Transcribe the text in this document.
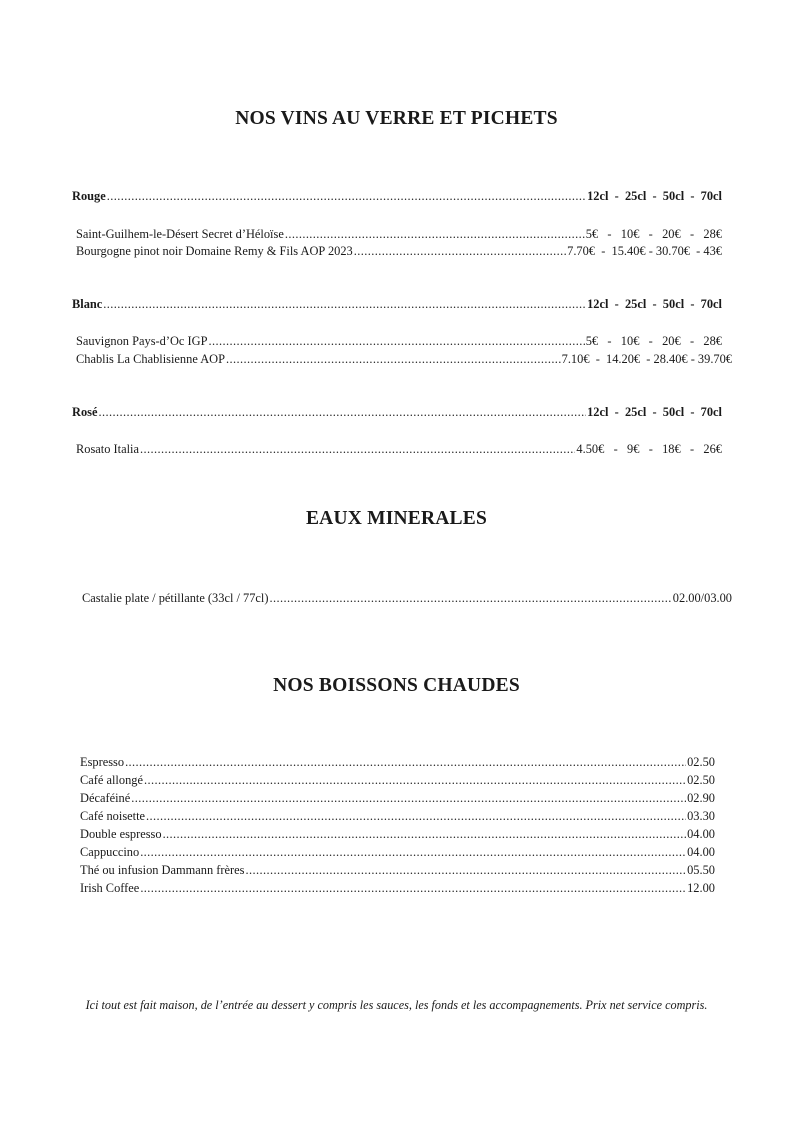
NOS VINS AU VERRE ET PICHETS
Rouge .....	12cl  -  25cl  -  50cl  -  70cl
Saint-Guilhem-le-Désert Secret d’Héloïse .....	5€   -   10€   -   20€   -   28€
Bourgogne pinot noir Domaine Remy & Fils AOP 2023 .....	7.70€  -  15.40€ - 30.70€  - 43€
Blanc .....	12cl  -  25cl  -  50cl  -  70cl
Sauvignon Pays-d’Oc IGP .....	5€   -   10€   -   20€   -   28€
Chablis La Chablisienne AOP .....	7.10€  -  14.20€  - 28.40€ - 39.70€
Rosé .....	12cl  -  25cl  -  50cl  -  70cl
Rosato Italia .....	4.50€   -   9€   -   18€   -   26€
EAUX MINERALES
Castalie plate / pétillante (33cl / 77cl) .....	02.00/03.00
NOS BOISSONS CHAUDES
Espresso .....	02.50
Café allongé .....	02.50
Décaféiné .....	02.90
Café noisette .....	03.30
Double espresso .....	04.00
Cappuccino .....	04.00
Thé ou infusion Dammann frères .....	05.50
Irish Coffee .....	12.00
Ici tout est fait maison, de l’entrée au dessert y compris les sauces, les fonds et les accompagnements. Prix net service compris.
